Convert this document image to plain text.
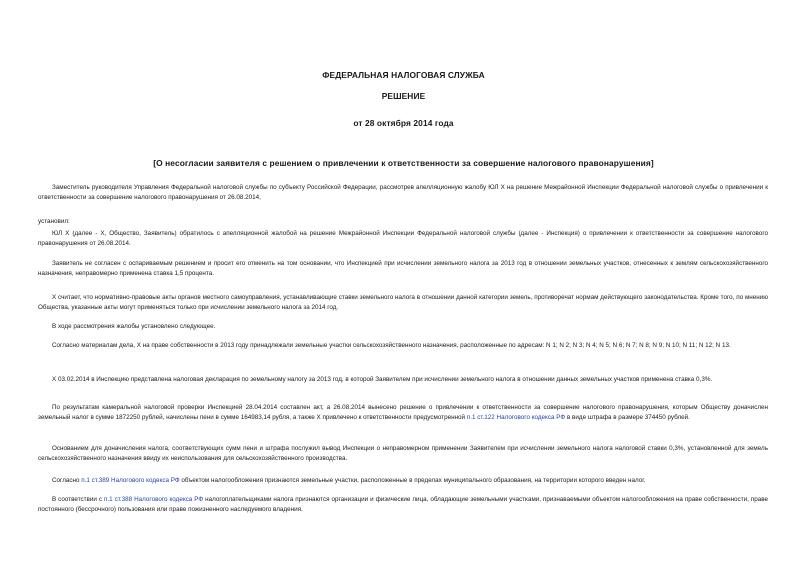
ФЕДЕРАЛЬНАЯ НАЛОГОВАЯ СЛУЖБА
РЕШЕНИЕ
от 28 октября 2014 года
[О несогласии заявителя с решением о привлечении к ответственности за совершение налогового правонарушения]
Заместитель руководителя Управления Федеральной налоговой службы по субъекту Российской Федерации, рассмотрев апелляционную жалобу ЮЛ Х на решение Межрайонной Инспекции Федеральной налоговой службы о привлечении к ответственности за совершение налогового правонарушения от 26.08.2014,
установил:
ЮЛ Х (далее - Х, Общество, Заявитель) обратилось с апелляционной жалобой на решение Межрайонной Инспекции Федеральной налоговой службы (далее - Инспекция) о привлечении к ответственности за совершение налогового правонарушения от 26.08.2014.
Заявитель не согласен с оспариваемым решением и просит его отменить на том основании, что Инспекцией при исчислении земельного налога за 2013 год в отношении земельных участков, отнесенных к землям сельскохозяйственного назначения, неправомерно применена ставка 1,5 процента.
Х считает, что нормативно-правовые акты органов местного самоуправления, устанавливающие ставки земельного налога в отношении данной категории земель, противоречат нормам действующего законодательства. Кроме того, по мнению Общества, указанные акты могут применяться только при исчислении земельного налога за 2014 год.
В ходе рассмотрения жалобы установлено следующее.
Согласно материалам дела, Х на праве собственности в 2013 году принадлежали земельные участки сельскохозяйственного назначения, расположенные по адресам: N 1; N 2; N 3; N 4; N 5; N 6; N 7; N 8; N 9; N 10; N 11; N 12; N 13.
Х 03.02.2014 в Инспекцию представлена налоговая декларация по земельному налогу за 2013 год, в которой Заявителем при исчислении земельного налога в отношении данных земельных участков применена ставка 0,3%.
По результатам камеральной налоговой проверки Инспекцией 28.04.2014 составлен акт, а 26.08.2014 вынесено решение о привлечении к ответственности за совершение налогового правонарушения, которым Обществу доначислен земельный налог в сумме 1872250 рублей, начислены пени в сумме 164983,14 рубля, а также Х привлечено к ответственности предусмотренной п.1 ст.122 Налогового кодекса РФ в виде штрафа в размере 374450 рублей.
Основанием для доначисления налога, соответствующих сумм пени и штрафа послужил вывод Инспекции о неправомерном применении Заявителем при исчислении земельного налога налоговой ставки 0,3%, установленной для земель сельскохозяйственного назначения ввиду их неиспользования для сельскохозяйственного производства.
Согласно п.1 ст.389 Налогового кодекса РФ объектом налогообложения признаются земельные участки, расположенные в пределах муниципального образования, на территории которого введен налог.
В соответствии с п.1 ст.388 Налогового кодекса РФ налогоплательщиками налога признаются организации и физические лица, обладающие земельными участками, признаваемыми объектом налогообложения на праве собственности, праве постоянного (бессрочного) пользования или праве пожизненного наследуемого владения.
